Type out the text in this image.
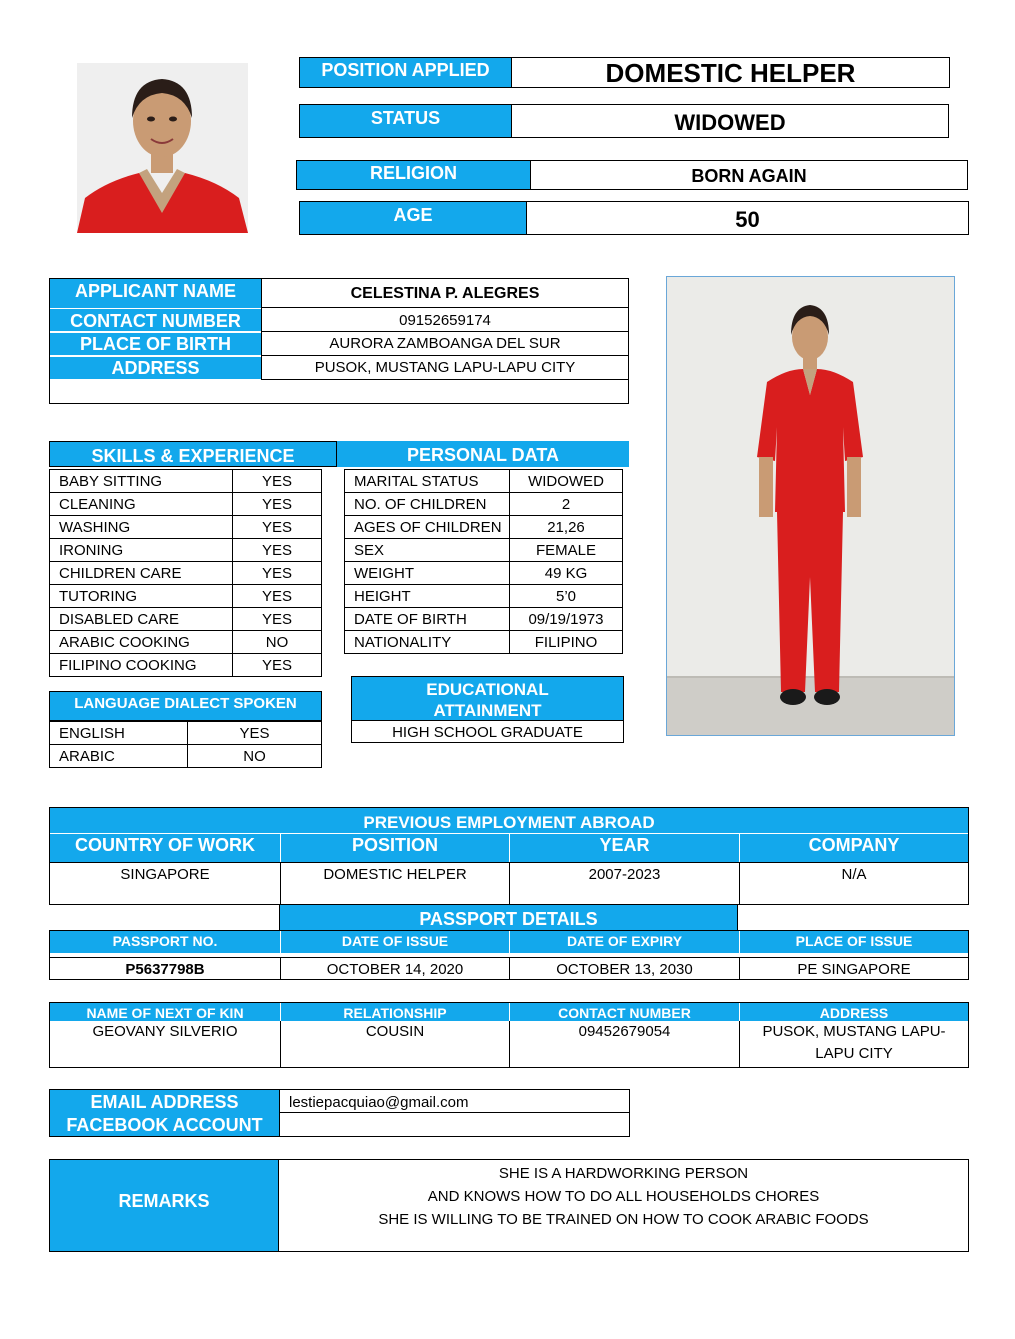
POSITION APPLIED	DOMESTIC HELPER
STATUS	WIDOWED
RELIGION	BORN AGAIN
AGE	50
APPLICANT NAME	CELESTINA P. ALEGRES
CONTACT NUMBER	09152659174
PLACE OF BIRTH	AURORA ZAMBOANGA DEL SUR
ADDRESS	PUSOK, MUSTANG LAPU-LAPU CITY
SKILLS & EXPERIENCE	PERSONAL DATA
BABY SITTING	YES
CLEANING	YES
WASHING	YES
IRONING	YES
CHILDREN CARE	YES
TUTORING	YES
DISABLED CARE	YES
ARABIC COOKING	NO
FILIPINO COOKING	YES
MARITAL STATUS	WIDOWED
NO. OF CHILDREN	2
AGES OF CHILDREN	21,26
SEX	FEMALE
WEIGHT	49 KG
HEIGHT	5’0
DATE OF BIRTH	09/19/1973
NATIONALITY	FILIPINO
LANGUAGE DIALECT SPOKEN
ENGLISH	YES
ARABIC	NO
EDUCATIONAL ATTAINMENT
HIGH SCHOOL GRADUATE
PREVIOUS EMPLOYMENT ABROAD
COUNTRY OF WORK	POSITION	YEAR	COMPANY
SINGAPORE	DOMESTIC HELPER	2007-2023	N/A
PASSPORT DETAILS
PASSPORT NO.	DATE OF ISSUE	DATE OF EXPIRY	PLACE OF ISSUE
P5637798B	OCTOBER 14, 2020	OCTOBER 13, 2030	PE SINGAPORE
NAME OF NEXT OF KIN	RELATIONSHIP	CONTACT NUMBER	ADDRESS
GEOVANY SILVERIO	COUSIN	09452679054	PUSOK, MUSTANG LAPU-LAPU CITY
EMAIL ADDRESS	lestiepacquiao@gmail.com
FACEBOOK ACCOUNT
REMARKS
SHE IS A HARDWORKING PERSON
AND KNOWS HOW TO DO ALL HOUSEHOLDS CHORES
SHE IS WILLING TO BE TRAINED ON HOW TO COOK ARABIC FOODS
